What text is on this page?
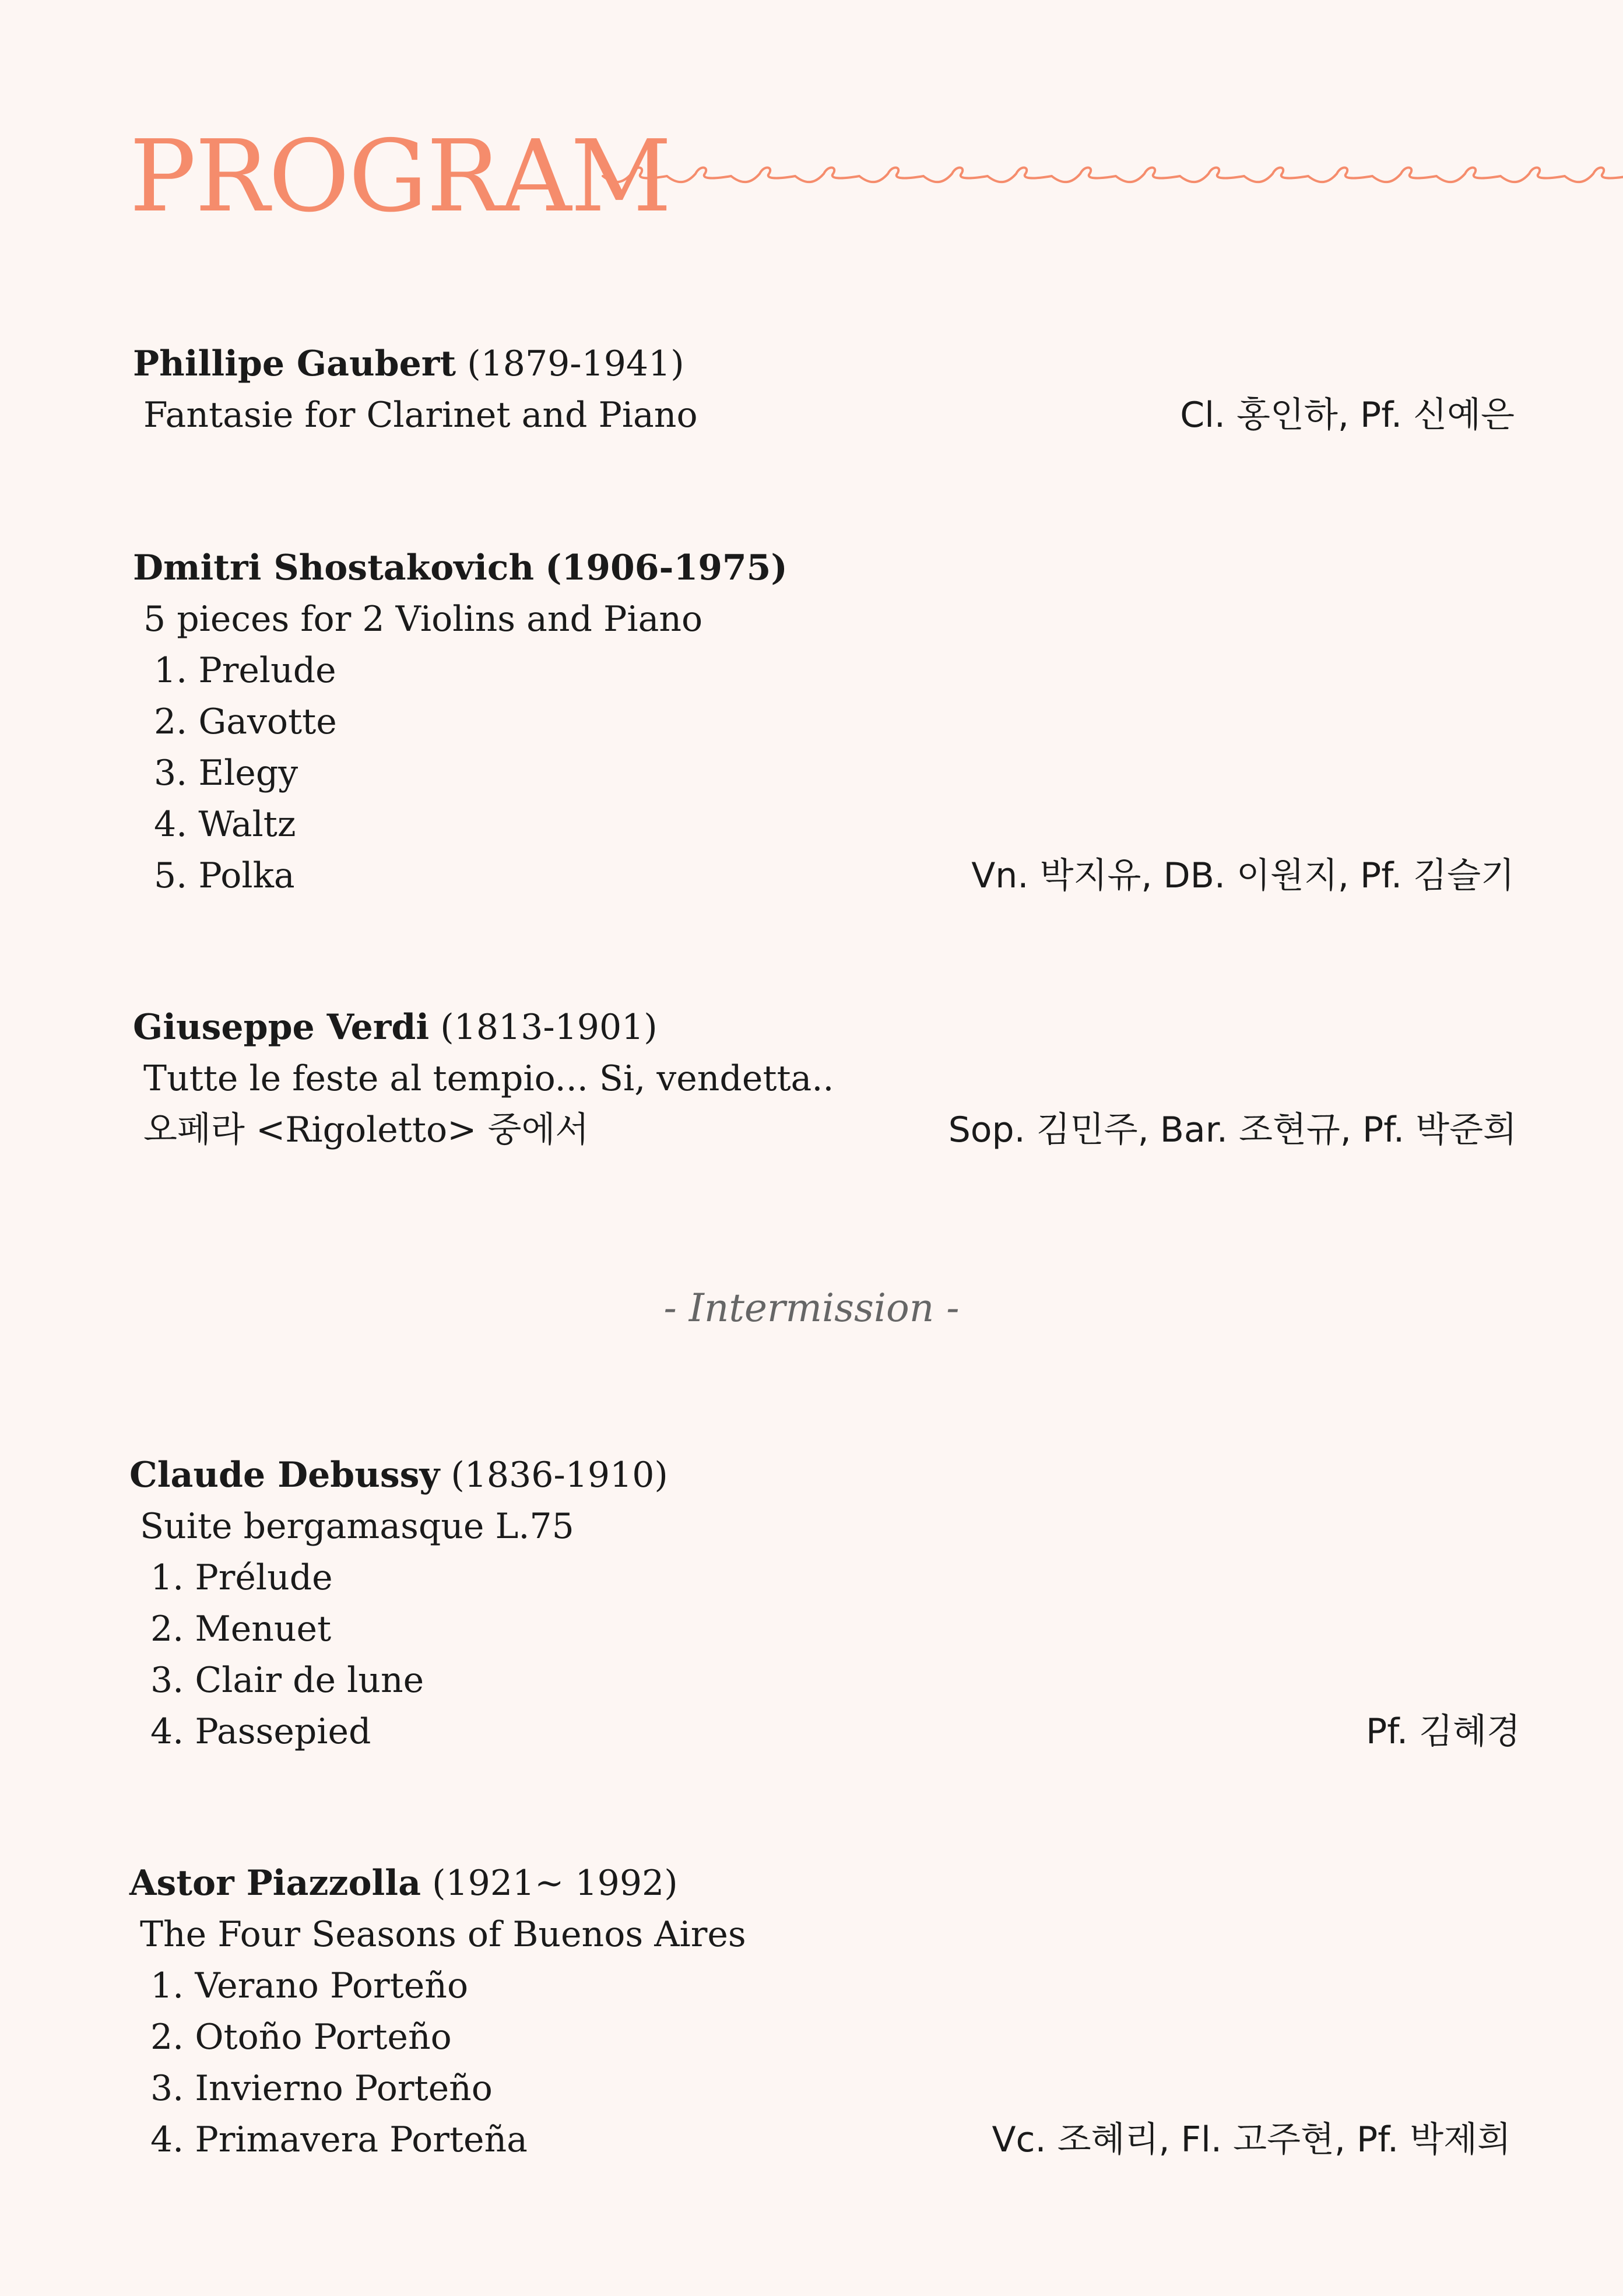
PROGRAM
Phillipe Gaubert (1879-1941)
Fantasie for Clarinet and Piano	Cl. 홍인하, Pf. 신예은
Dmitri Shostakovich (1906-1975)
5 pieces for 2 Violins and Piano
1. Prelude
2. Gavotte
3. Elegy
4. Waltz
5. Polka	Vn. 박지유, DB. 이원지, Pf. 김슬기
Giuseppe Verdi (1813-1901)
Tutte le feste al tempio... Si, vendetta..
오페라 <Rigoletto> 중에서	Sop. 김민주, Bar. 조현규, Pf. 박준희
- Intermission -
Claude Debussy (1836-1910)
Suite bergamasque L.75
1. Prélude
2. Menuet
3. Clair de lune
4. Passepied	Pf. 김혜경
Astor Piazzolla (1921~ 1992)
The Four Seasons of Buenos Aires
1. Verano Porteño
2. Otoño Porteño
3. Invierno Porteño
4. Primavera Porteña	Vc. 조혜리, Fl. 고주현, Pf. 박제희
